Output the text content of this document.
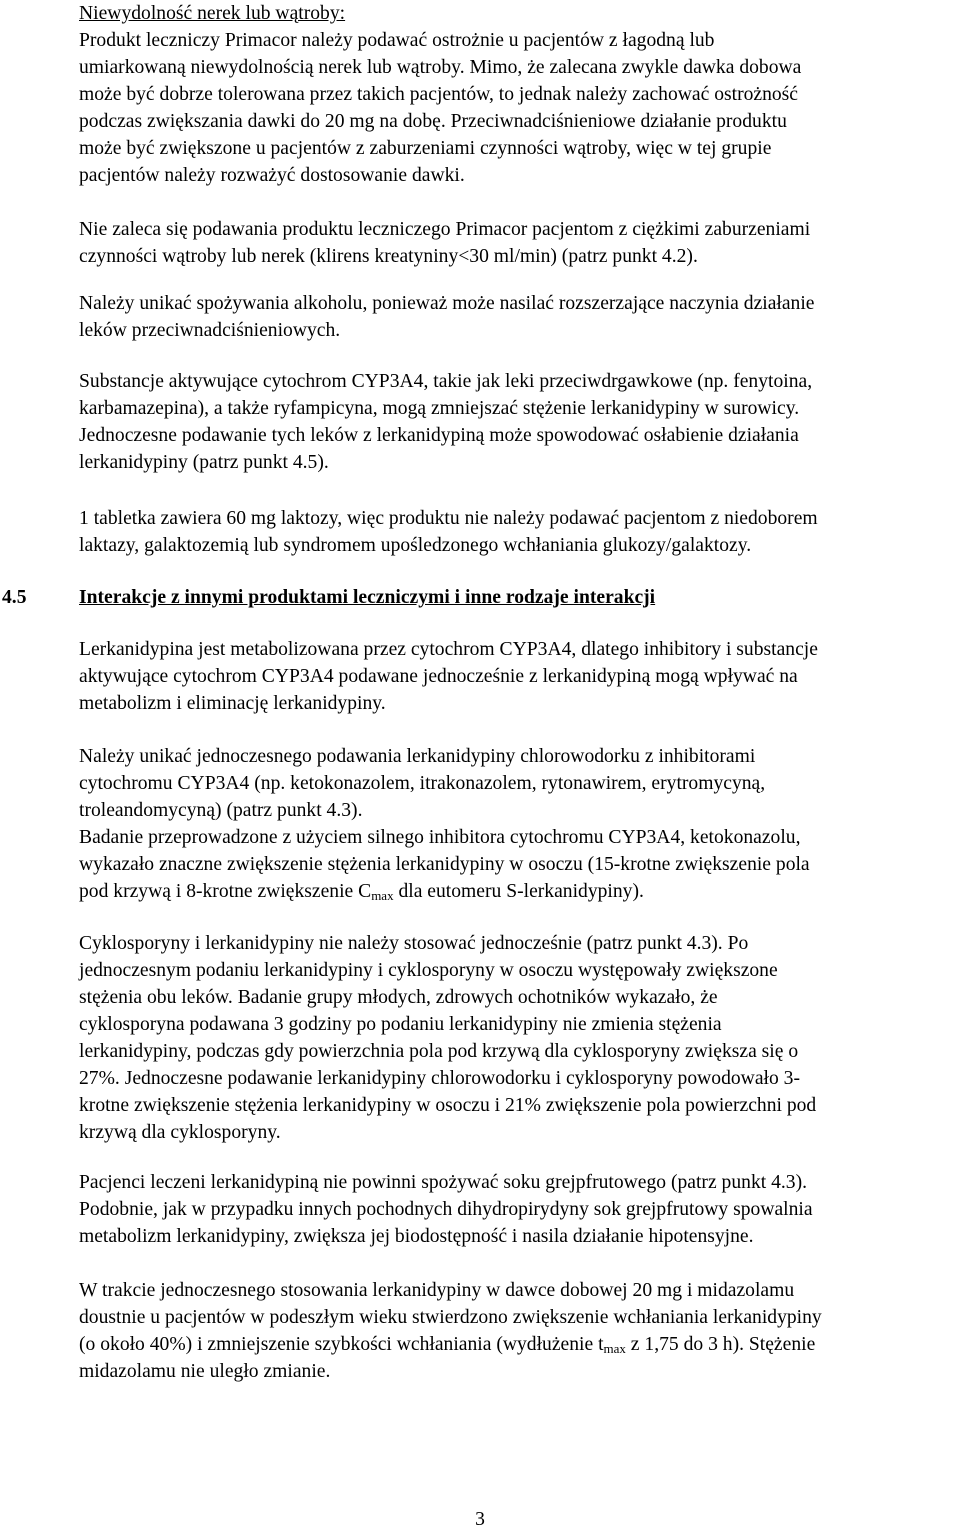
Niewydolność nerek lub wątroby:

Produkt leczniczy Primacor należy podawać ostrożnie u pacjentów z łagodną lub

umiarkowaną niewydolnością nerek lub wątroby. Mimo, że zalecana zwykle dawka dobowa

może być dobrze tolerowana przez takich pacjentów, to jednak należy zachować ostrożność

podczas zwiększania dawki do 20 mg na dobę. Przeciwnadciśnieniowe działanie produktu

może być zwiększone u pacjentów z zaburzeniami czynności wątroby, więc w tej grupie

pacjentów należy rozważyć dostosowanie dawki.

Nie zaleca się podawania produktu leczniczego Primacor pacjentom z ciężkimi zaburzeniami

czynności wątroby lub nerek (klirens kreatyniny<30 ml/min) (patrz punkt 4.2).

Należy unikać spożywania alkoholu, ponieważ może nasilać rozszerzające naczynia działanie

leków przeciwnadciśnieniowych.

Substancje aktywujące cytochrom CYP3A4, takie jak leki przeciwdrgawkowe (np. fenytoina,

karbamazepina), a także ryfampicyna, mogą zmniejszać stężenie lerkanidypiny w surowicy.

Jednoczesne podawanie tych leków z lerkanidypiną może spowodować osłabienie działania

lerkanidypiny (patrz punkt 4.5).

1 tabletka zawiera 60 mg laktozy, więc produktu nie należy podawać pacjentom z niedoborem

laktazy, galaktozemią lub syndromem upośledzonego wchłaniania glukozy/galaktozy.

Lerkanidypina jest metabolizowana przez cytochrom CYP3A4, dlatego inhibitory i substancje

aktywujące cytochrom CYP3A4 podawane jednocześnie z lerkanidypiną mogą wpływać na

metabolizm i eliminację lerkanidypiny.

Należy unikać jednoczesnego podawania lerkanidypiny chlorowodorku z inhibitorami

cytochromu CYP3A4 (np. ketokonazolem, itrakonazolem, rytonawirem, erytromycyną,

troleandomycyną) (patrz punkt 4.3).

Badanie przeprowadzone z użyciem silnego inhibitora cytochromu CYP3A4, ketokonazolu,

wykazało znaczne zwiększenie stężenia lerkanidypiny w osoczu (15-krotne zwiększenie pola

pod krzywą i 8-krotne zwiększenie $C_{max}$ dla eutomeru S-lerkanidypiny).

Cyklosporyny i lerkanidypiny nie należy stosować jednocześnie (patrz punkt 4.3). Po

jednoczesnym podaniu lerkanidypiny i cyklosporyny w osoczu występowały zwiększone

stężenia obu leków. Badanie grupy młodych, zdrowych ochotników wykazało, że

cyklosporyna podawana 3 godziny po podaniu lerkanidypiny nie zmienia stężenia

lerkanidypiny, podczas gdy powierzchnia pola pod krzywą dla cyklosporyny zwiększa się o

27%. Jednoczesne podawanie lerkanidypiny chlorowodorku i cyklosporyny powodowało 3-

krotne zwiększenie stężenia lerkanidypiny w osoczu i 21% zwiększenie pola powierzchni pod

krzywą dla cyklosporyny.

Pacjenci leczeni lerkanidypiną nie powinni spożywać soku grejpfrutowego (patrz punkt 4.3).

Podobnie, jak w przypadku innych pochodnych dihydropirydyny sok grejpfrutowy spowalnia

metabolizm lerkanidypiny, zwiększa jej biodostępność i nasila działanie hipotensyjne.

W trakcie jednoczesnego stosowania lerkanidypiny w dawce dobowej 20 mg i midazolamu

doustnie u pacjentów w podeszłym wieku stwierdzono zwiększenie wchłaniania lerkanidypiny

(o około 40%) i zmniejszenie szybkości wchłaniania (wydłużenie $t_{max}$ z 1,75 do 3 h). Stężenie

midazolamu nie uległo zmianie.

4.5	Interakcje z innymi produktami leczniczymi i inne rodzaje interakcji
3
